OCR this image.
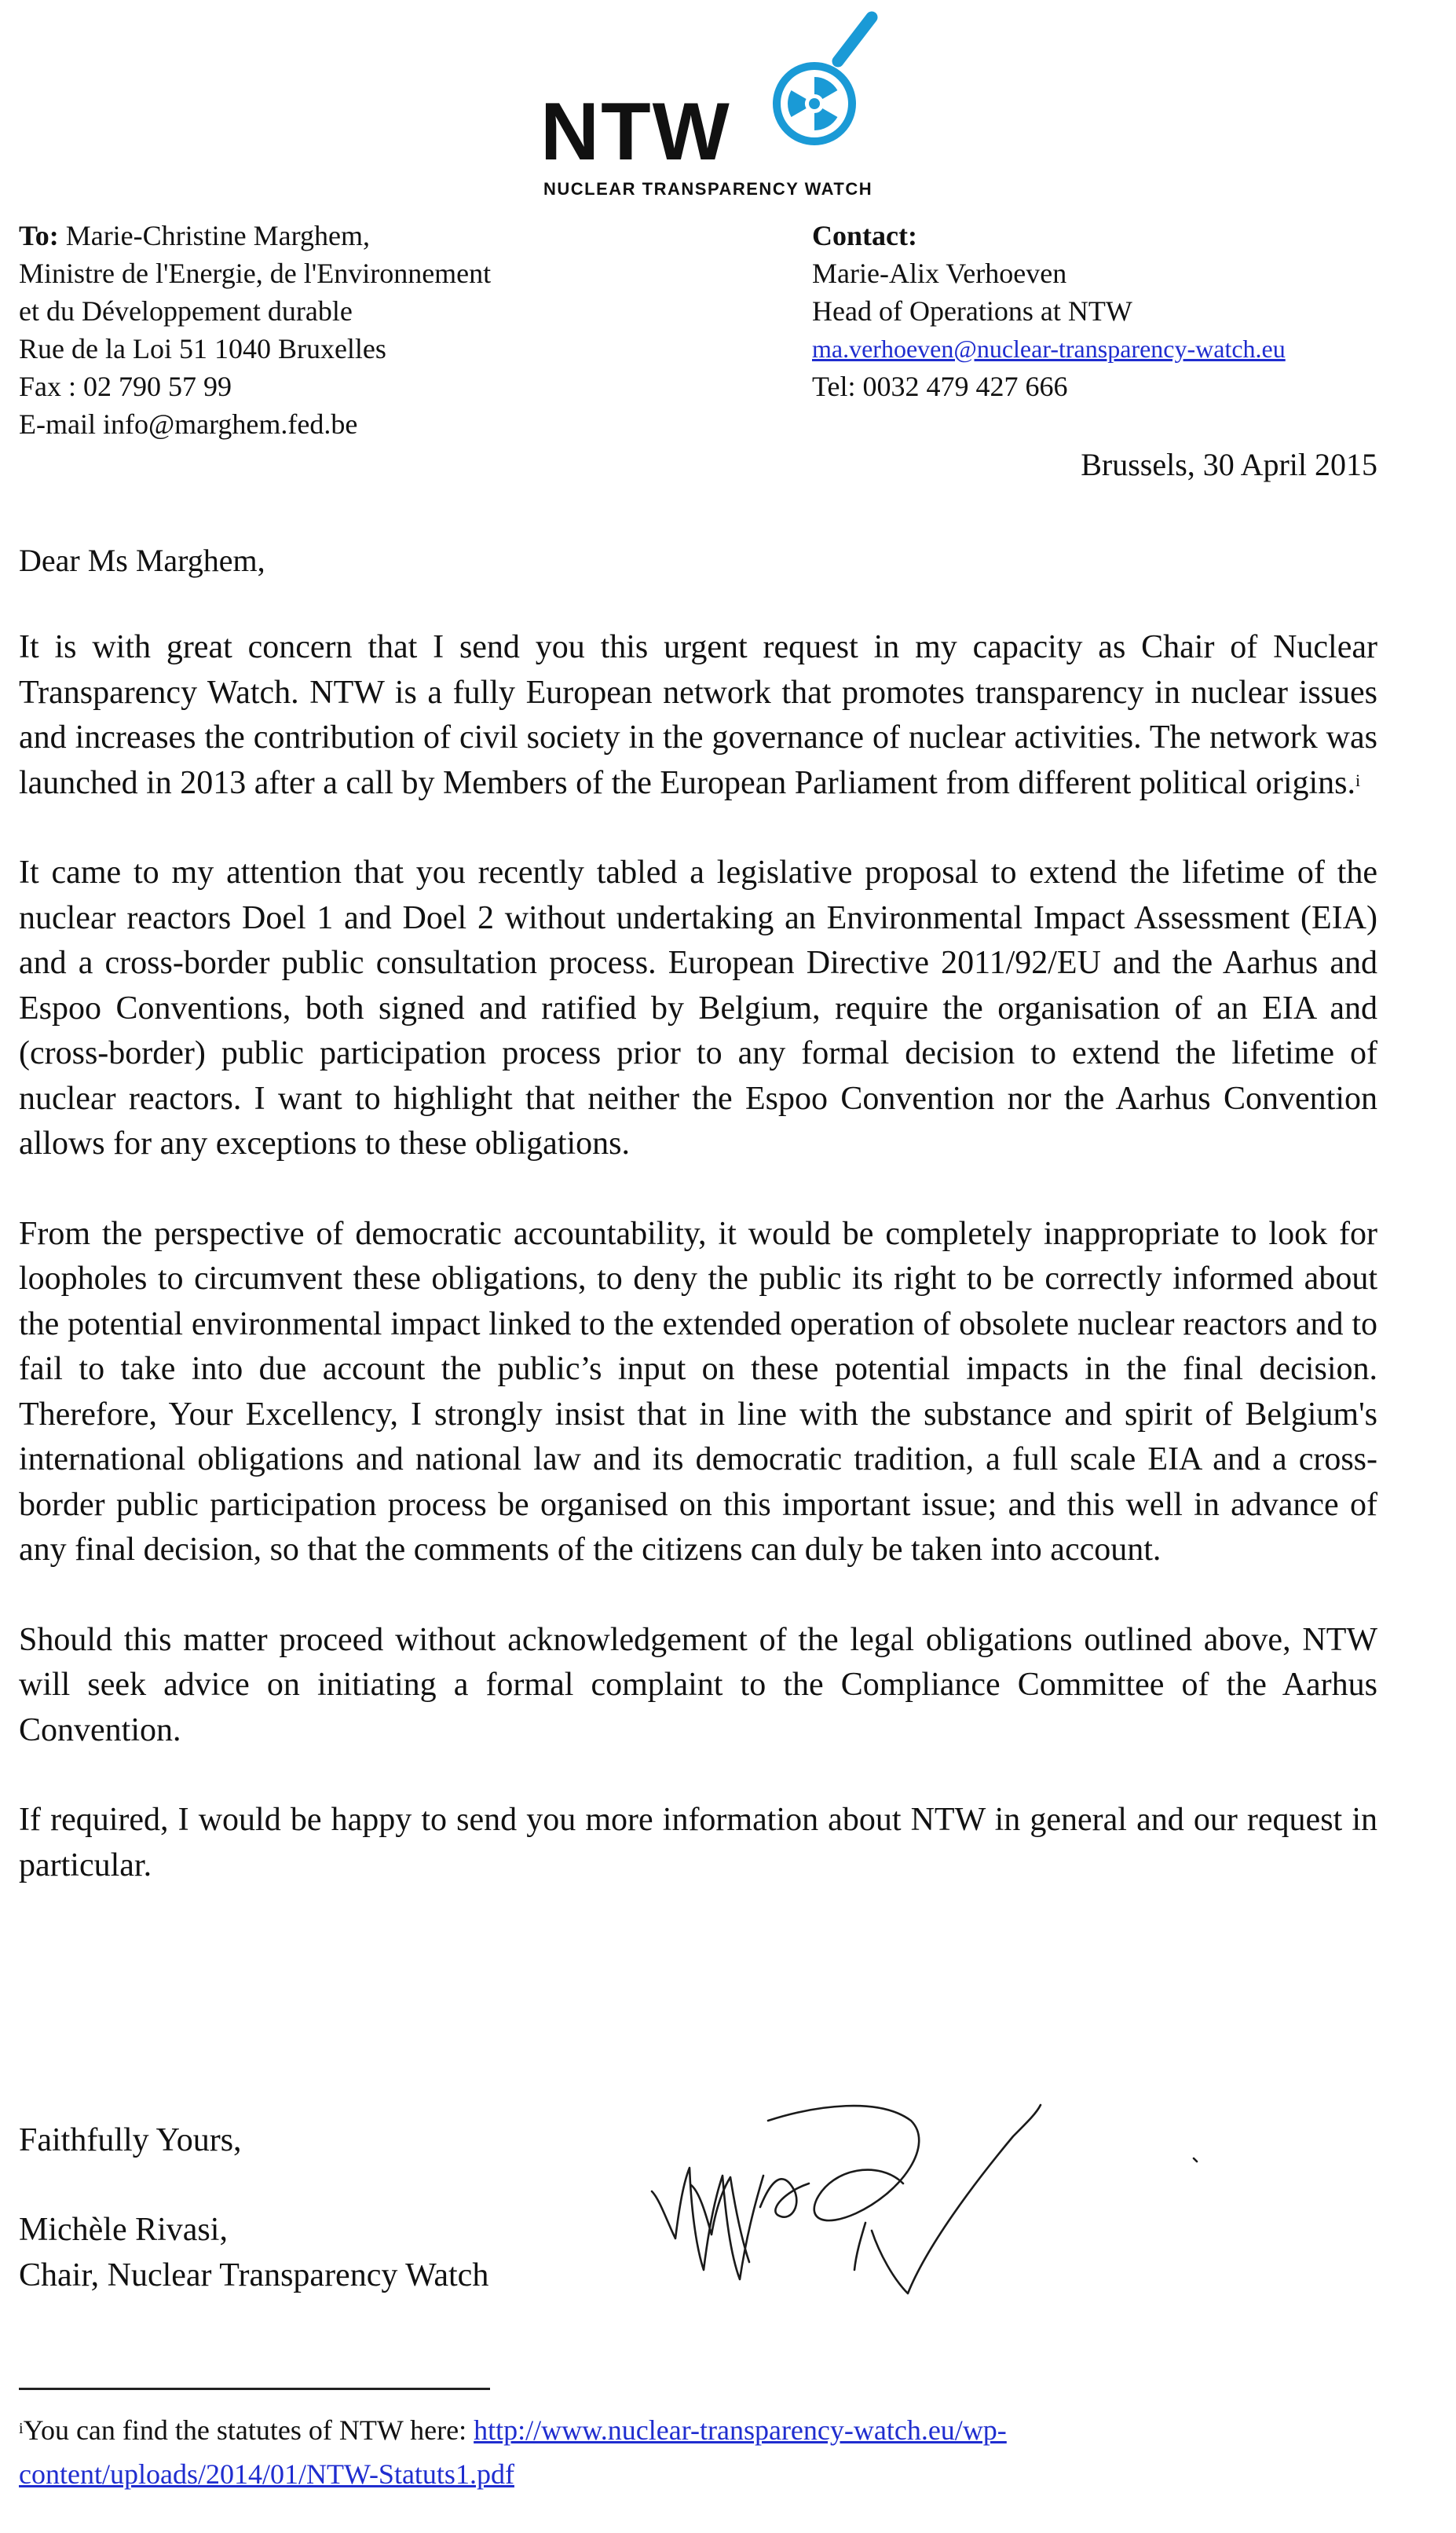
NTW
NUCLEAR TRANSPARENCY WATCH
To: Marie-Christine Marghem,
Ministre de l'Energie, de l'Environnement
et du Développement durable
Rue de la Loi 51 1040 Bruxelles
Fax : 02 790 57 99
E-mail info@marghem.fed.be
Contact:
Marie-Alix Verhoeven
Head of Operations at NTW
ma.verhoeven@nuclear-transparency-watch.eu
Tel: 0032 479 427 666
Brussels, 30 April 2015
Dear Ms Marghem,

It is with great concern that I send you this urgent request in my capacity as Chair of Nuclear Transparency Watch. NTW is a fully European network that promotes transparency in nuclear issues and increases the contribution of civil society in the governance of nuclear activities. The network was launched in 2013 after a call by Members of the European Parliament from different political origins.$^i$

It came to my attention that you recently tabled a legislative proposal to extend the lifetime of the nuclear reactors Doel 1 and Doel 2 without undertaking an Environmental Impact Assessment (EIA) and a cross-border public consultation process. European Directive 2011/92/EU and the Aarhus and Espoo Conventions, both signed and ratified by Belgium, require the organisation of an EIA and (cross-border) public participation process prior to any formal decision to extend the lifetime of nuclear reactors. I want to highlight that neither the Espoo Convention nor the Aarhus Convention allows for any exceptions to these obligations.

From the perspective of democratic accountability, it would be completely inappropriate to look for loopholes to circumvent these obligations, to deny the public its right to be correctly informed about the potential environmental impact linked to the extended operation of obsolete nuclear reactors and to fail to take into due account the public’s input on these potential impacts in the final decision. Therefore, Your Excellency, I strongly insist that in line with the substance and spirit of Belgium's international obligations and national law and its democratic tradition, a full scale EIA and a cross-border public participation process be organised on this important issue; and this well in advance of any final decision, so that the comments of the citizens can duly be taken into account.

Should this matter proceed without acknowledgement of the legal obligations outlined above, NTW will seek advice on initiating a formal complaint to the Compliance Committee of the Aarhus Convention.

If required, I would be happy to send you more information about NTW in general and our request in particular.

Faithfully Yours,
Michèle Rivasi,
Chair, Nuclear Transparency Watch
$^i$You can find the statutes of NTW here: http://www.nuclear-transparency-watch.eu/wp-content/uploads/2014/01/NTW-Statuts1.pdf
